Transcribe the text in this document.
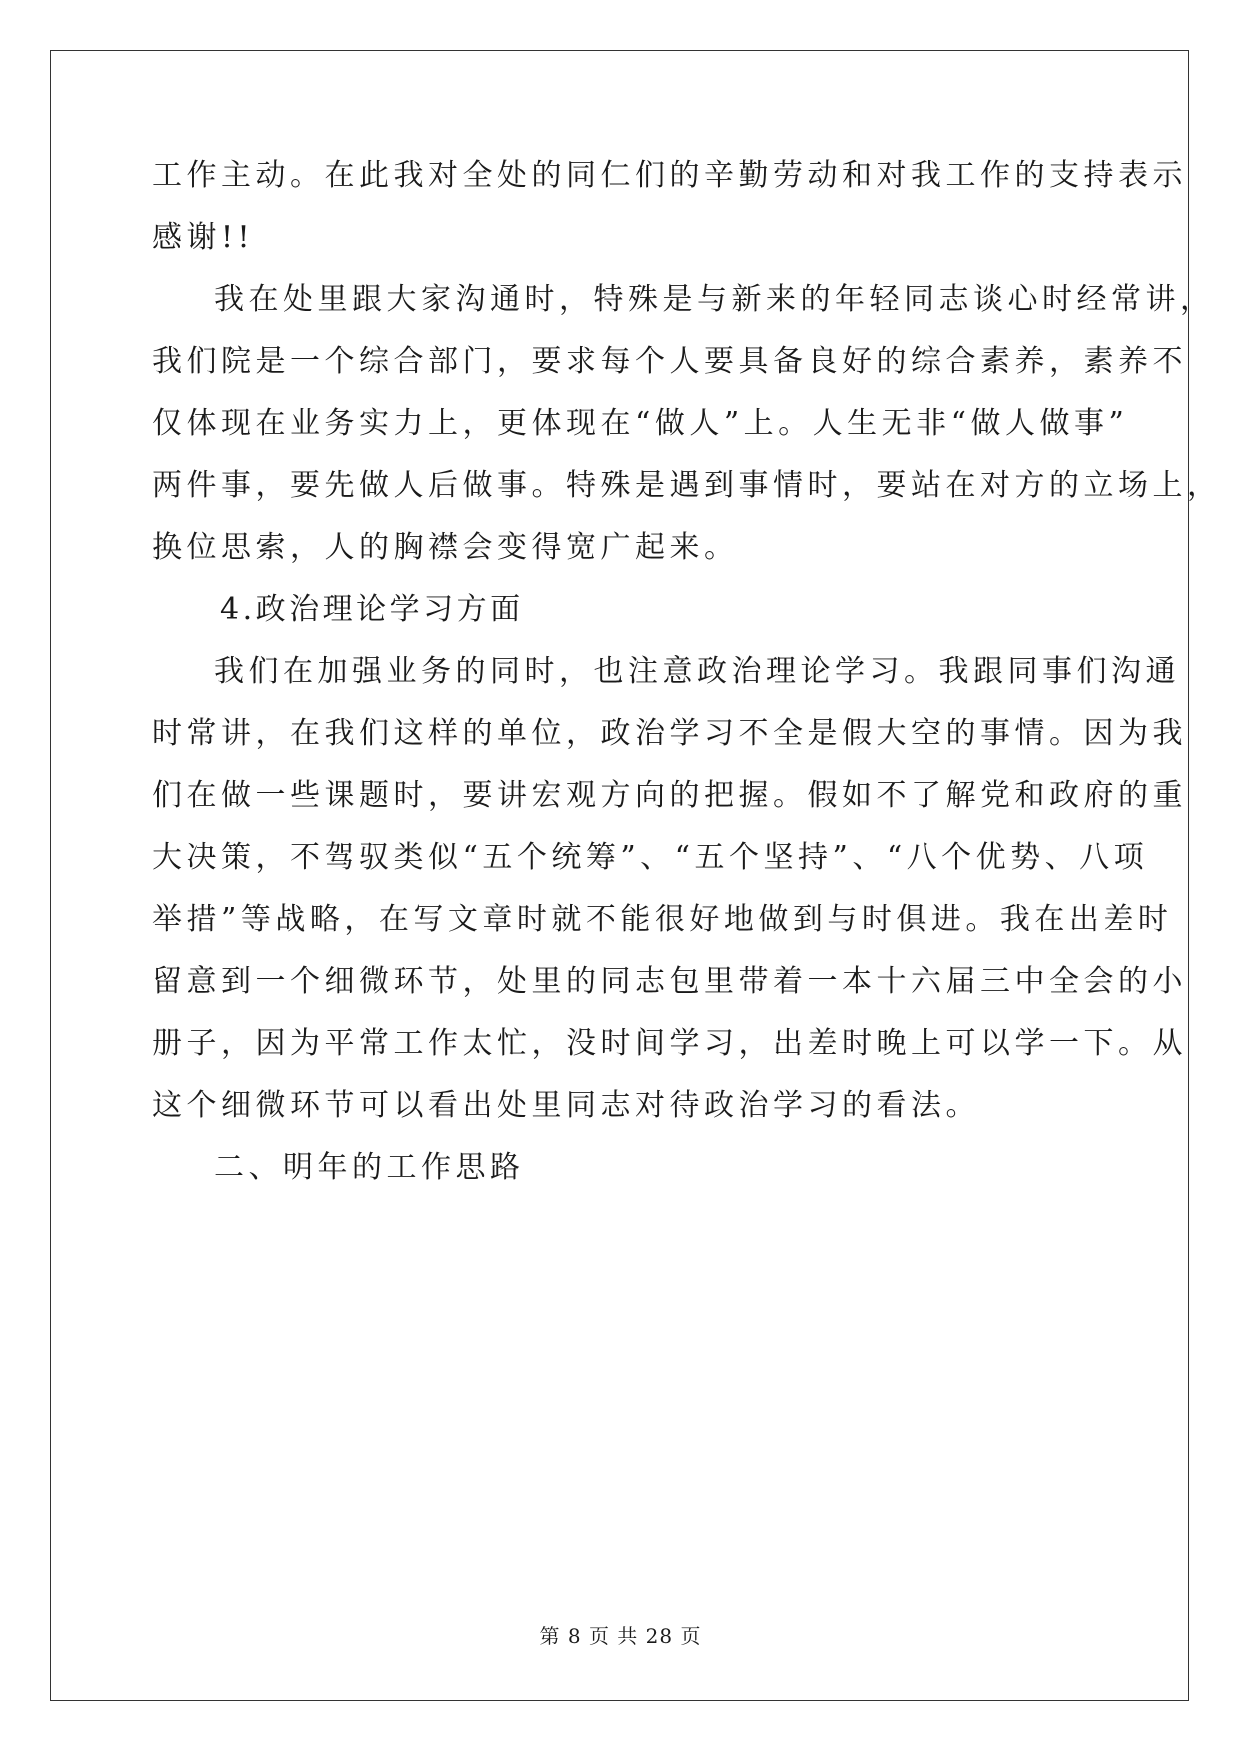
工作主动。在此我对全处的同仁们的辛勤劳动和对我工作的支持表示

感谢!!

我在处里跟大家沟通时，特殊是与新来的年轻同志谈心时经常讲，

我们院是一个综合部门，要求每个人要具备良好的综合素养，素养不

仅体现在业务实力上，更体现在“做人”上。人生无非“做人做事”

两件事，要先做人后做事。特殊是遇到事情时，要站在对方的立场上，

换位思索，人的胸襟会变得宽广起来。

4.政治理论学习方面

我们在加强业务的同时，也注意政治理论学习。我跟同事们沟通

时常讲，在我们这样的单位，政治学习不全是假大空的事情。因为我

们在做一些课题时，要讲宏观方向的把握。假如不了解党和政府的重

大决策，不驾驭类似“五个统筹”、“五个坚持”、“八个优势、八项

举措”等战略，在写文章时就不能很好地做到与时俱进。我在出差时

留意到一个细微环节，处里的同志包里带着一本十六届三中全会的小

册子，因为平常工作太忙，没时间学习，出差时晚上可以学一下。从

这个细微环节可以看出处里同志对待政治学习的看法。

二、明年的工作思路

第 8 页 共 28 页
